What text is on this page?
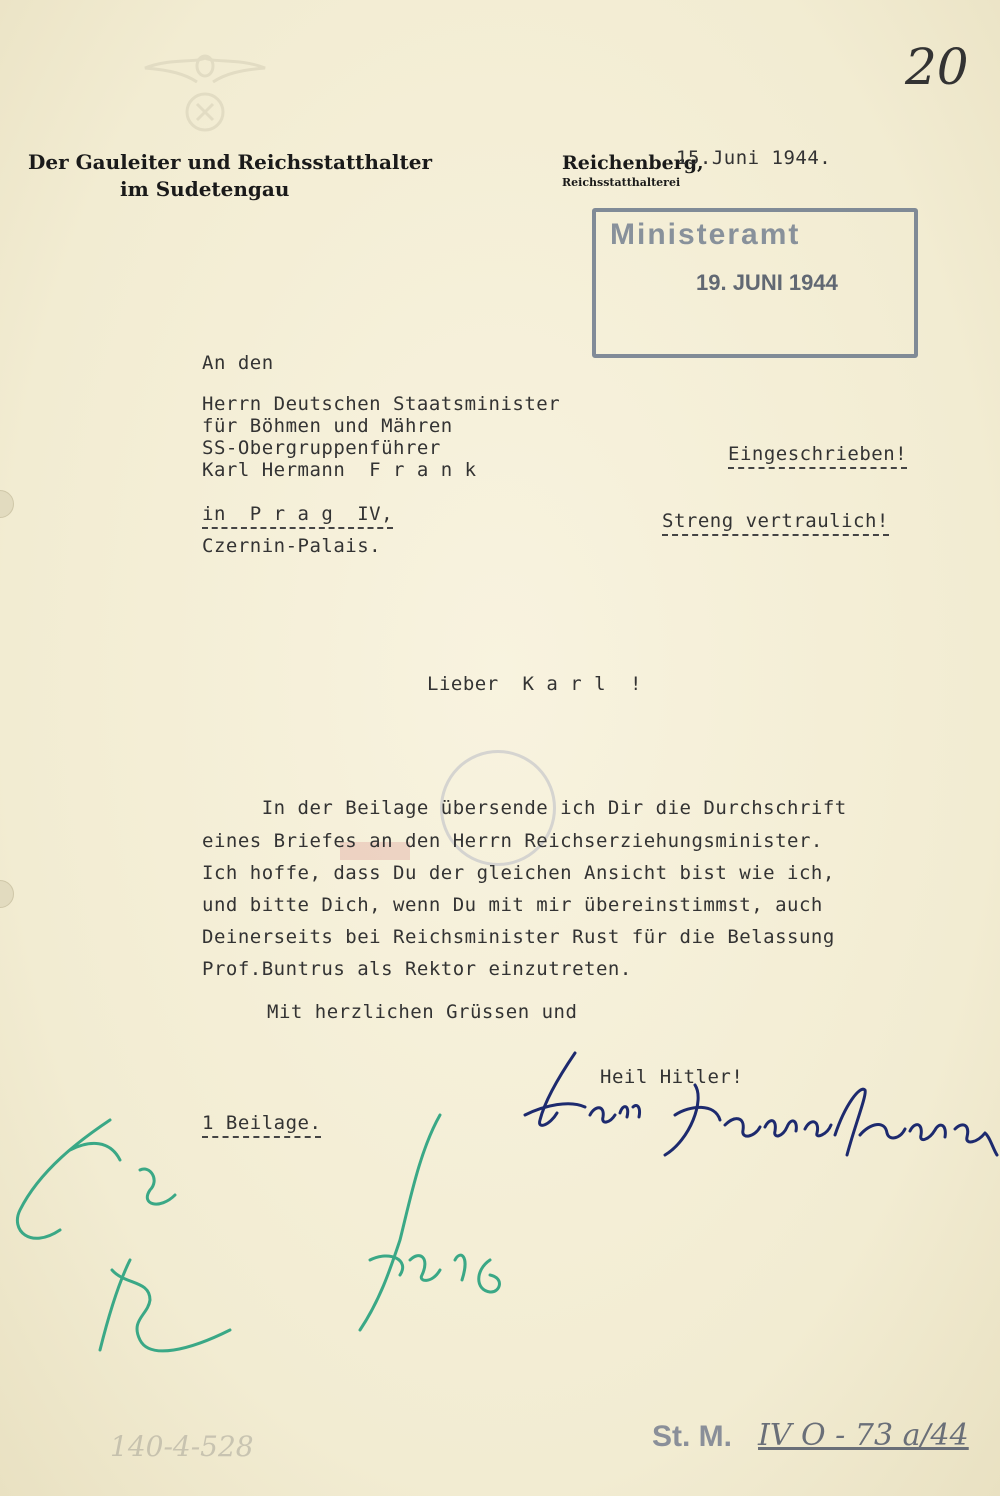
20
Der Gauleiter und Reichsstatthalter
im Sudetengau
Reichenberg,
Reichsstatthalterei
15.Juni 1944.
Ministeramt
19. JUNI 1944
An den
Herrn Deutschen Staatsminister
für Böhmen und Mähren
SS-Obergruppenführer
Karl Hermann  F r a n k
in  P r a g  IV,
Czernin-Palais.
Eingeschrieben!
Streng vertraulich!
Lieber  K a r l  !
In der Beilage übersende ich Dir die Durchschrift
eines Briefes an den Herrn Reichserziehungsminister.
Ich hoffe, dass Du der gleichen Ansicht bist wie ich,
und bitte Dich, wenn Du mit mir übereinstimmst, auch
Deinerseits bei Reichsminister Rust für die Belassung
Prof.Buntrus als Rektor einzutreten.
Mit herzlichen Grüssen und
Heil Hitler!
1 Beilage.
140-4-528	St. M. IV O - 73 a/44
